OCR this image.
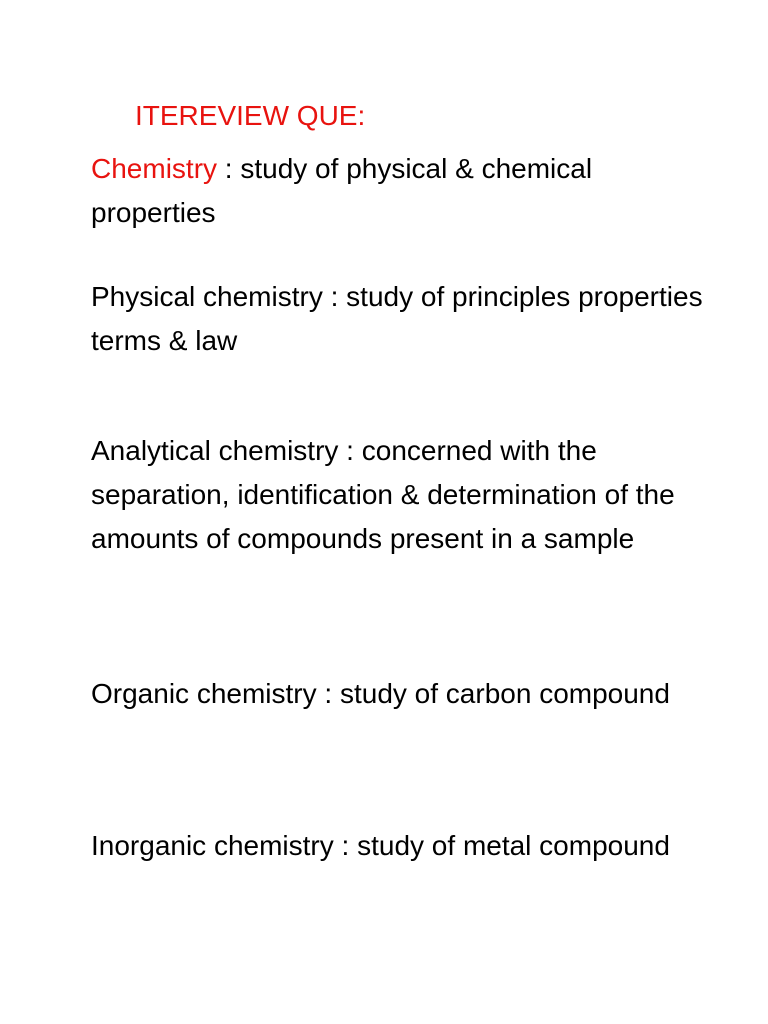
ITEREVIEW QUE:

Chemistry : study of physical & chemical properties

Physical chemistry : study of principles properties terms & law

Analytical chemistry : concerned with the separation, identification & determination of the amounts of compounds present in a sample

Organic chemistry : study of carbon compound

Inorganic chemistry : study of metal compound
